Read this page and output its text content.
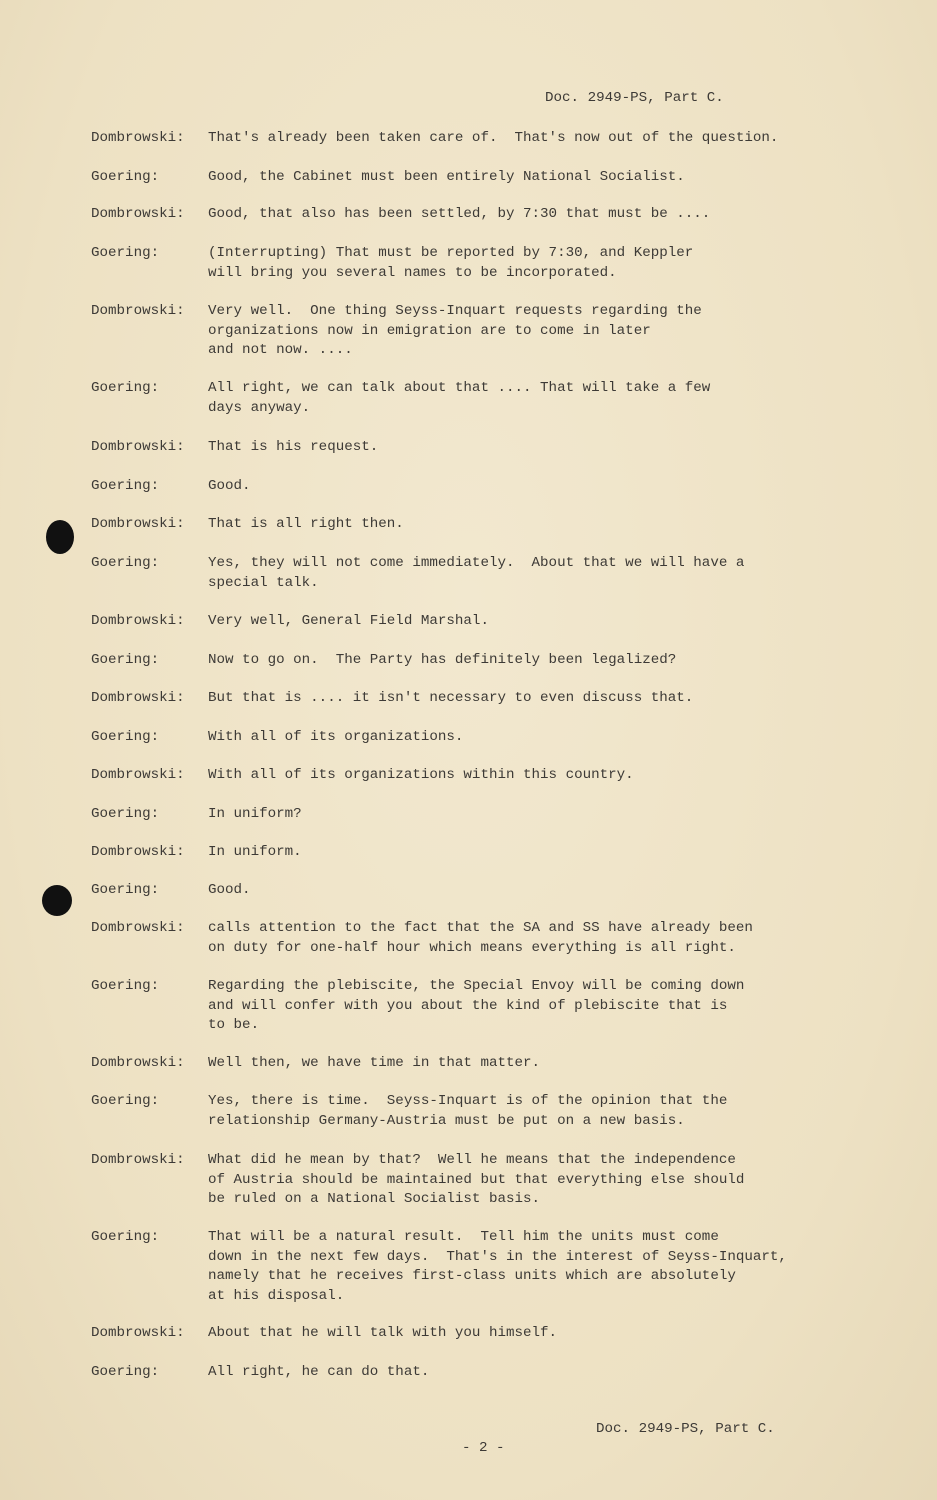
Doc. 2949-PS, Part C.
Dombrowski: That's already been taken care of.  That's now out of the question.
Goering:	Good, the Cabinet must been entirely National Socialist.
Dombrowski: Good, that also has been settled, by 7:30 that must be ....
Goering:	(Interrupting) That must be reported by 7:30, and Keppler
will bring you several names to be incorporated.
Dombrowski: Very well.  One thing Seyss-Inquart requests regarding the
organizations now in emigration are to come in later
and not now. ....
Goering:	All right, we can talk about that .... That will take a few
days anyway.
Dombrowski: That is his request.
Goering:	Good.
Dombrowski: That is all right then.
Goering:	Yes, they will not come immediately.  About that we will have a
special talk.
Dombrowski: Very well, General Field Marshal.
Goering:	Now to go on.  The Party has definitely been legalized?
Dombrowski: But that is .... it isn't necessary to even discuss that.
Goering:	With all of its organizations.
Dombrowski: With all of its organizations within this country.
Goering:	In uniform?
Dombrowski: In uniform.
Goering:	Good.
Dombrowski: calls attention to the fact that the SA and SS have already been
on duty for one-half hour which means everything is all right.
Goering:	Regarding the plebiscite, the Special Envoy will be coming down
and will confer with you about the kind of plebiscite that is
to be.
Dombrowski: Well then, we have time in that matter.
Goering:	Yes, there is time.  Seyss-Inquart is of the opinion that the
relationship Germany-Austria must be put on a new basis.
Dombrowski: What did he mean by that?  Well he means that the independence
of Austria should be maintained but that everything else should
be ruled on a National Socialist basis.
Goering:	That will be a natural result.  Tell him the units must come
down in the next few days.  That's in the interest of Seyss-Inquart,
namely that he receives first-class units which are absolutely
at his disposal.
Dombrowski: About that he will talk with you himself.
Goering:	All right, he can do that.
Doc. 2949-PS, Part C.
- 2 -
